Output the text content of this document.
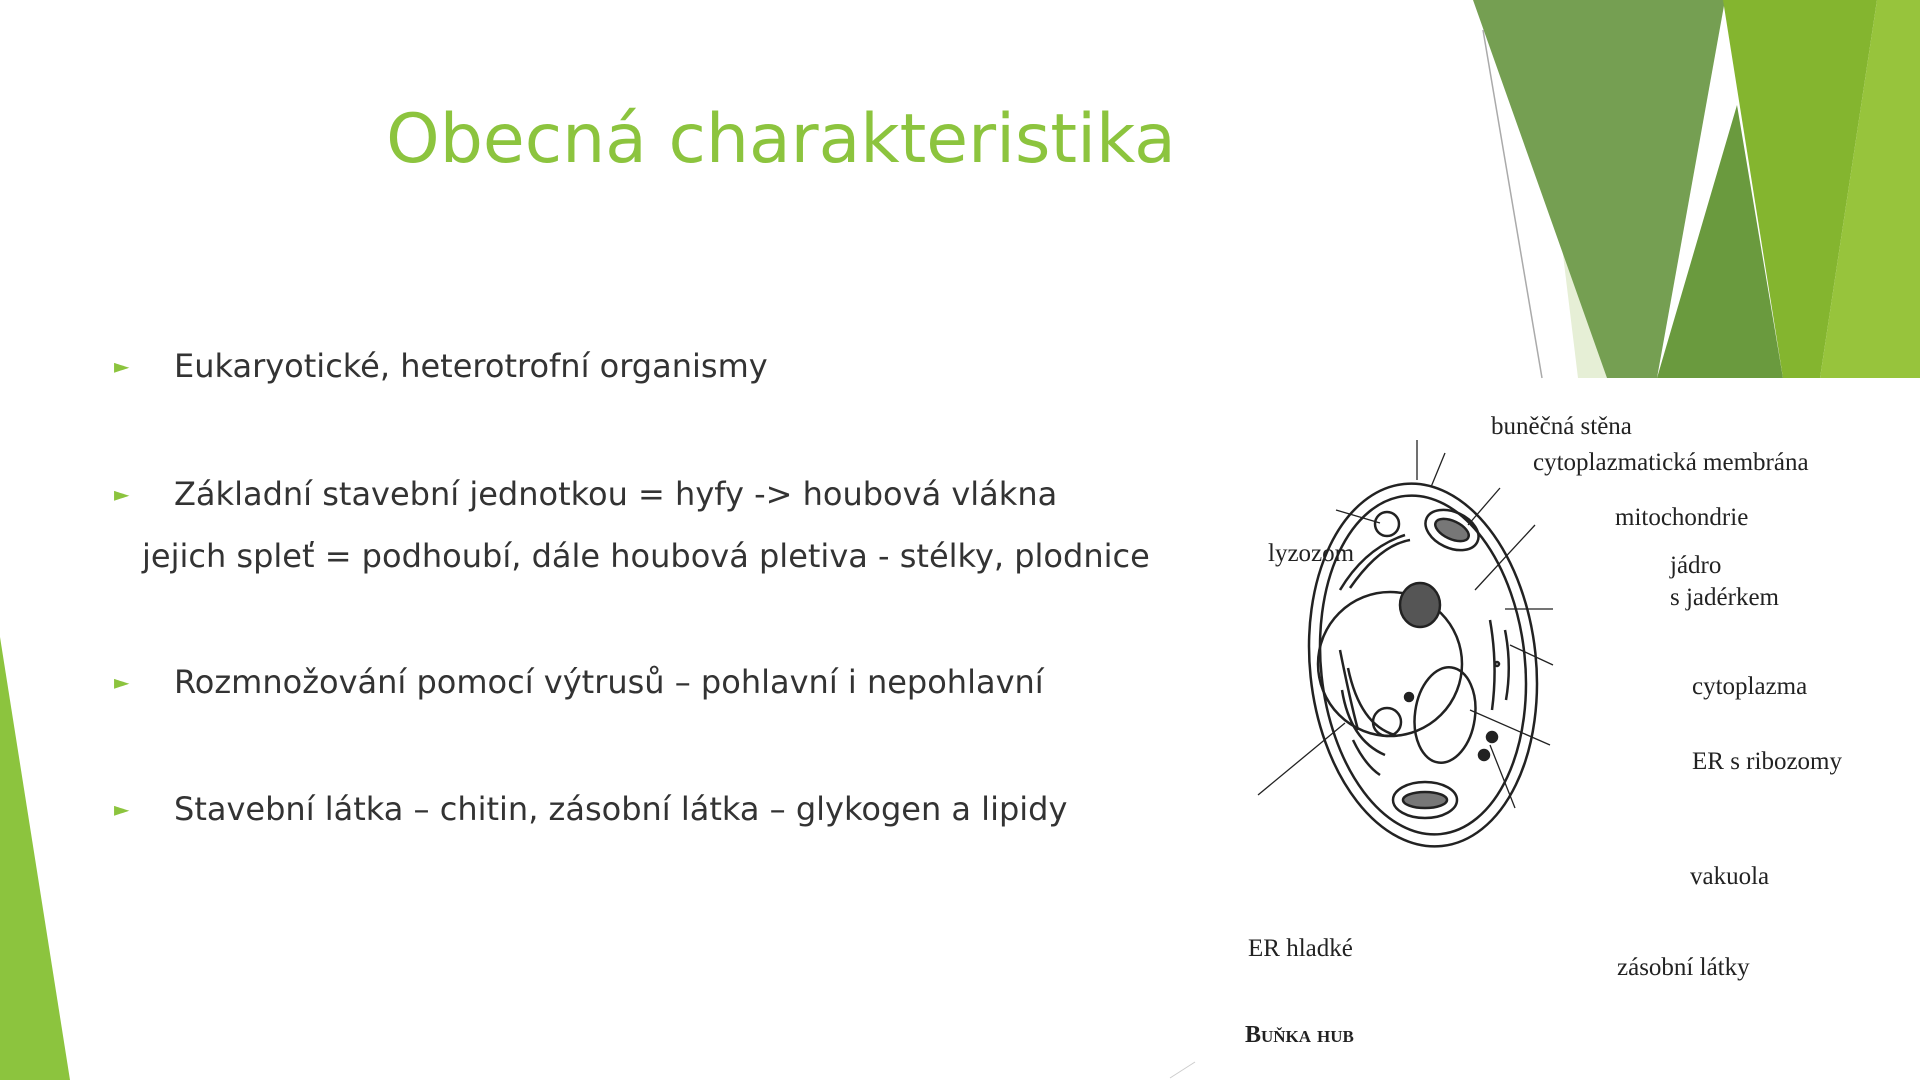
Obecná charakteristika
►	Eukaryotické, heterotrofní organismy
►	Základní stavební jednotkou = hyfy -> houbová vlákna
jejich spleť = podhoubí, dále houbová pletiva - stélky, plodnice
►	Rozmnožování pomocí výtrusů – pohlavní i nepohlavní
►	Stavební látka – chitin, zásobní látka – glykogen a lipidy
buněčná stěna
cytoplazmatická membrána
mitochondrie
lyzozom	jádro
s jadérkem
cytoplazma
ER s ribozomy
vakuola
ER hladké
zásobní látky
Buňka hub
